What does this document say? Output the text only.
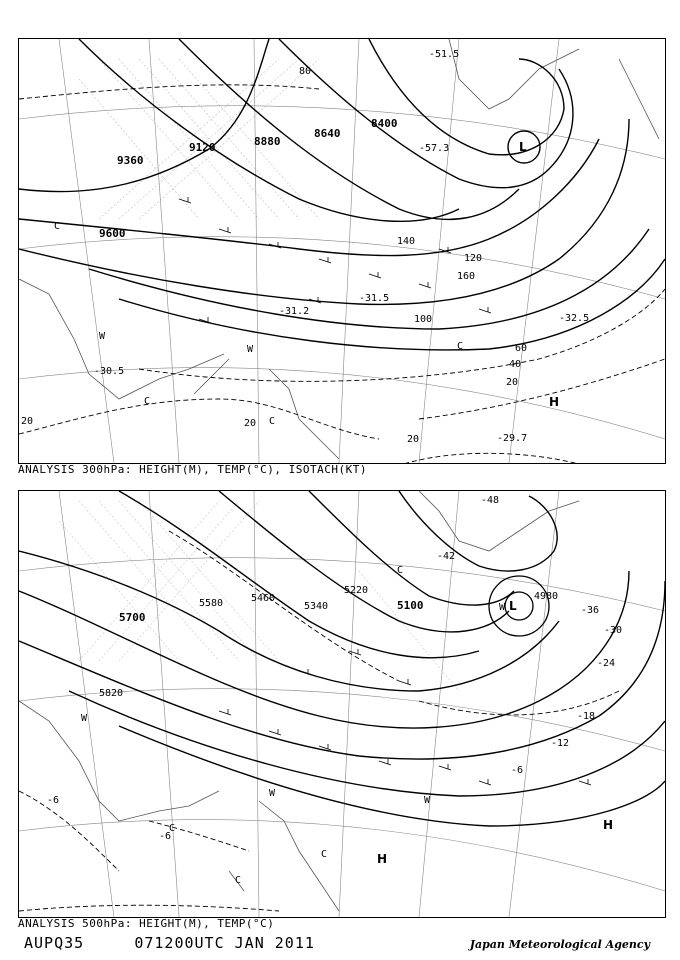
9600
9360
9120	8880
8640
8400
20	20
20
20
40
60
80
100
120
140
160
-29.7
-30.5
-31.2
-31.5
-32.5
-51.5
-57.3	L
H
W
W
C
C
C
C
ANALYSIS 300hPa: HEIGHT(M), TEMP(°C), ISOTACH(KT)
5820
5700
5580	5460
5340
5220
5100
4980
-6
-6
-6
-12
-18
-24
-30
-36
-42
-48
L
W
W
W
W
H
H
C
C
C
C
ANALYSIS 500hPa: HEIGHT(M), TEMP(°C)
AUPQ35	071200UTC JAN 2011	Japan Meteorological Agency
